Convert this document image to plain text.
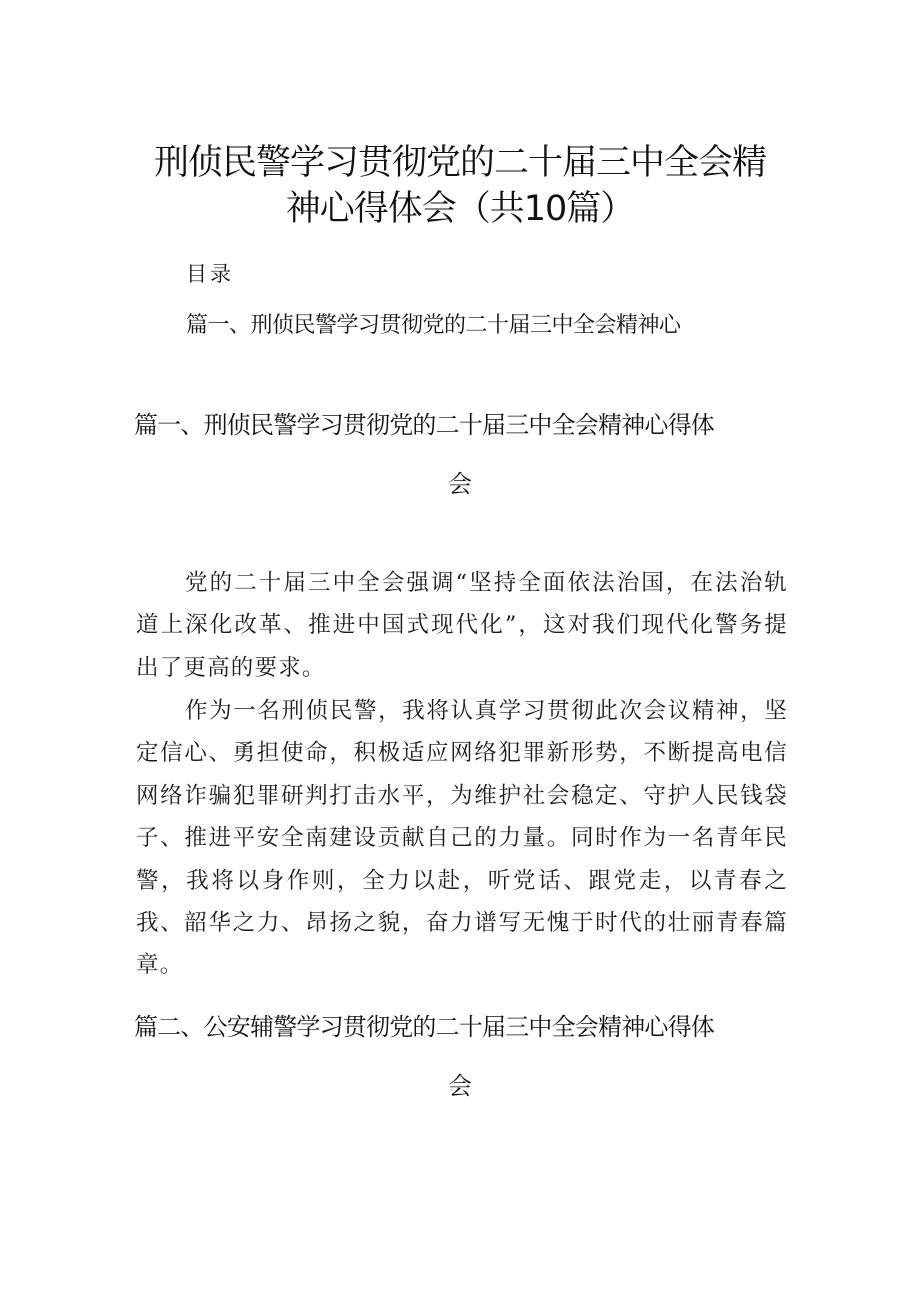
刑侦民警学习贯彻党的二十届三中全会精
神心得体会（共10篇）
目录
篇一、刑侦民警学习贯彻党的二十届三中全会精神心
篇一、刑侦民警学习贯彻党的二十届三中全会精神心得体
会

党的二十届三中全会强调“坚持全面依法治国，在法治轨道上深化改革、推进中国式现代化”，这对我们现代化警务提出了更高的要求。

作为一名刑侦民警，我将认真学习贯彻此次会议精神，坚定信心、勇担使命，积极适应网络犯罪新形势，不断提高电信网络诈骗犯罪研判打击水平，为维护社会稳定、守护人民钱袋子、推进平安全南建设贡献自己的力量。同时作为一名青年民警，我将以身作则，全力以赴，听党话、跟党走，以青春之我、韶华之力、昂扬之貌，奋力谱写无愧于时代的壮丽青春篇章。

篇二、公安辅警学习贯彻党的二十届三中全会精神心得体
会
